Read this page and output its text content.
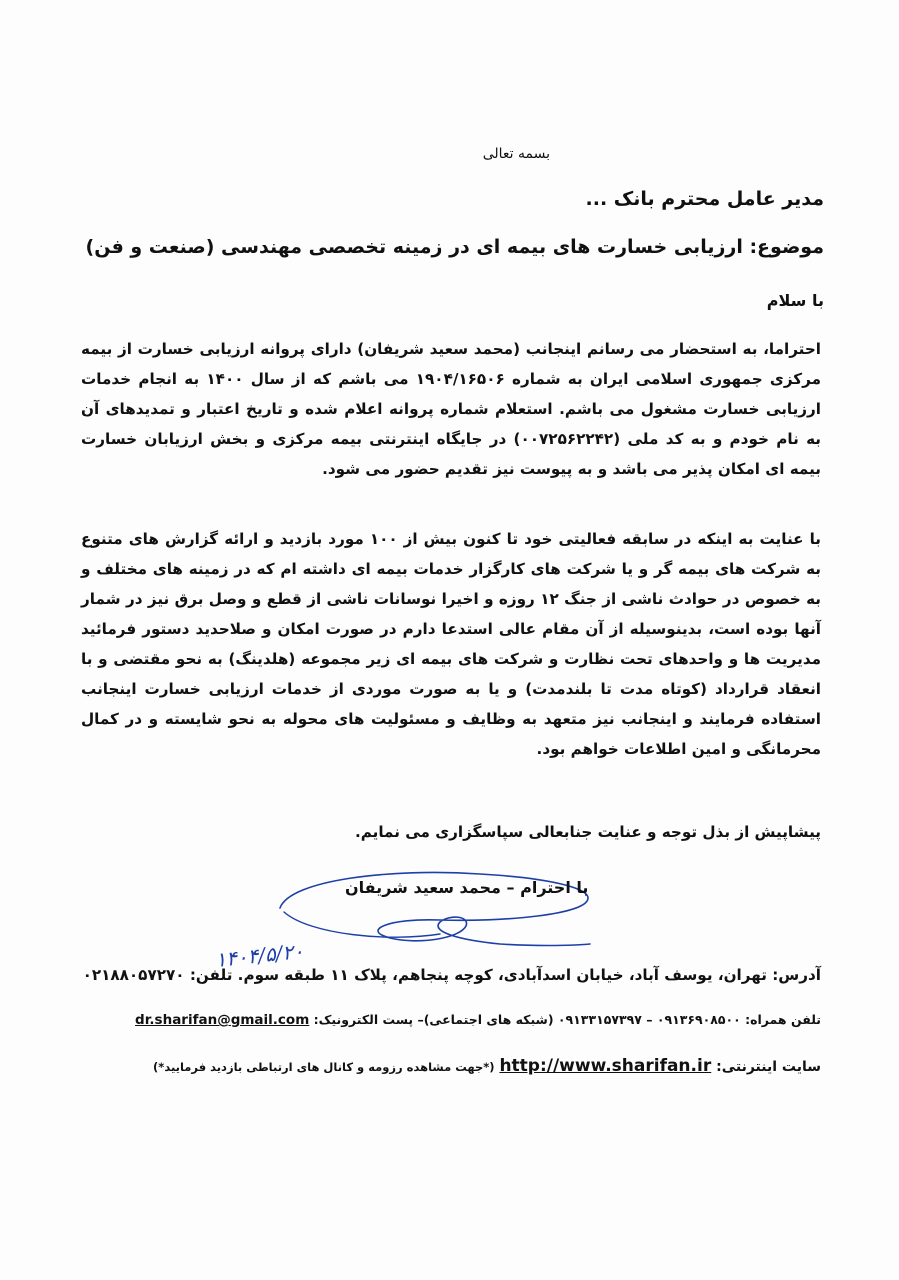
بسمه تعالی
مدیر عامل محترم بانک ...
موضوع: ارزیابی خسارت های بیمه ای در زمینه تخصصی مهندسی (صنعت و فن)
با سلام
احتراما، به استحضار می رسانم اینجانب (محمد سعید شریفان) دارای پروانه ارزیابی خسارت از بیمه مرکزی جمهوری اسلامی ایران به شماره ۱۹۰۴/۱۶۵۰۶ می باشم که از سال ۱۴۰۰ به انجام خدمات ارزیابی خسارت مشغول می باشم. استعلام شماره پروانه اعلام شده و تاریخ اعتبار و تمدیدهای آن به نام خودم و به کد ملی (۰۰۷۲۵۶۲۲۴۲) در جایگاه اینترنتی بیمه مرکزی و بخش ارزیابان خسارت بیمه ای امکان پذیر می باشد و به پیوست نیز تقدیم حضور می شود.
با عنایت به اینکه در سابقه فعالیتی خود تا کنون بیش از ۱۰۰ مورد بازدید و ارائه گزارش های متنوع به شرکت های بیمه گر و یا شرکت های کارگزار خدمات بیمه ای داشته ام که در زمینه های مختلف و به خصوص در حوادث ناشی از جنگ ۱۲ روزه و اخیرا نوسانات ناشی از قطع و وصل برق نیز در شمار آنها بوده است، بدینوسیله از آن مقام عالی استدعا دارم در صورت امکان و صلاحدید دستور فرمائید مدیریت ها و واحدهای تحت نظارت و شرکت های بیمه ای زیر مجموعه (هلدینگ) به نحو مقتضی و با انعقاد قرارداد (کوتاه مدت تا بلندمدت) و یا به صورت موردی از خدمات ارزیابی خسارت اینجانب استفاده فرمایند و اینجانب نیز متعهد به وظایف و مسئولیت های محوله به نحو شایسته و در کمال محرمانگی و امین اطلاعات خواهم بود.
پیشاپیش از بذل توجه و عنایت جنابعالی سپاسگزاری می نمایم.
۱۴۰۴/۵/۲۰
با احترام – محمد سعید شریفان
آدرس: تهران، یوسف آباد، خیابان اسدآبادی، کوچه پنجاهم، پلاک ۱۱ طبقه سوم. تلفن: ۰۲۱۸۸۰۵۷۲۷۰
تلفن همراه: ۰۹۱۳۶۹۰۸۵۰۰ – ۰۹۱۳۳۱۵۷۳۹۷ (شبکه های اجتماعی)– پست الکترونیک: dr.sharifan@gmail.com
سایت اینترنتی: http://www.sharifan.ir (*جهت مشاهده رزومه و کانال های ارتباطی بازدید فرمایید*)
